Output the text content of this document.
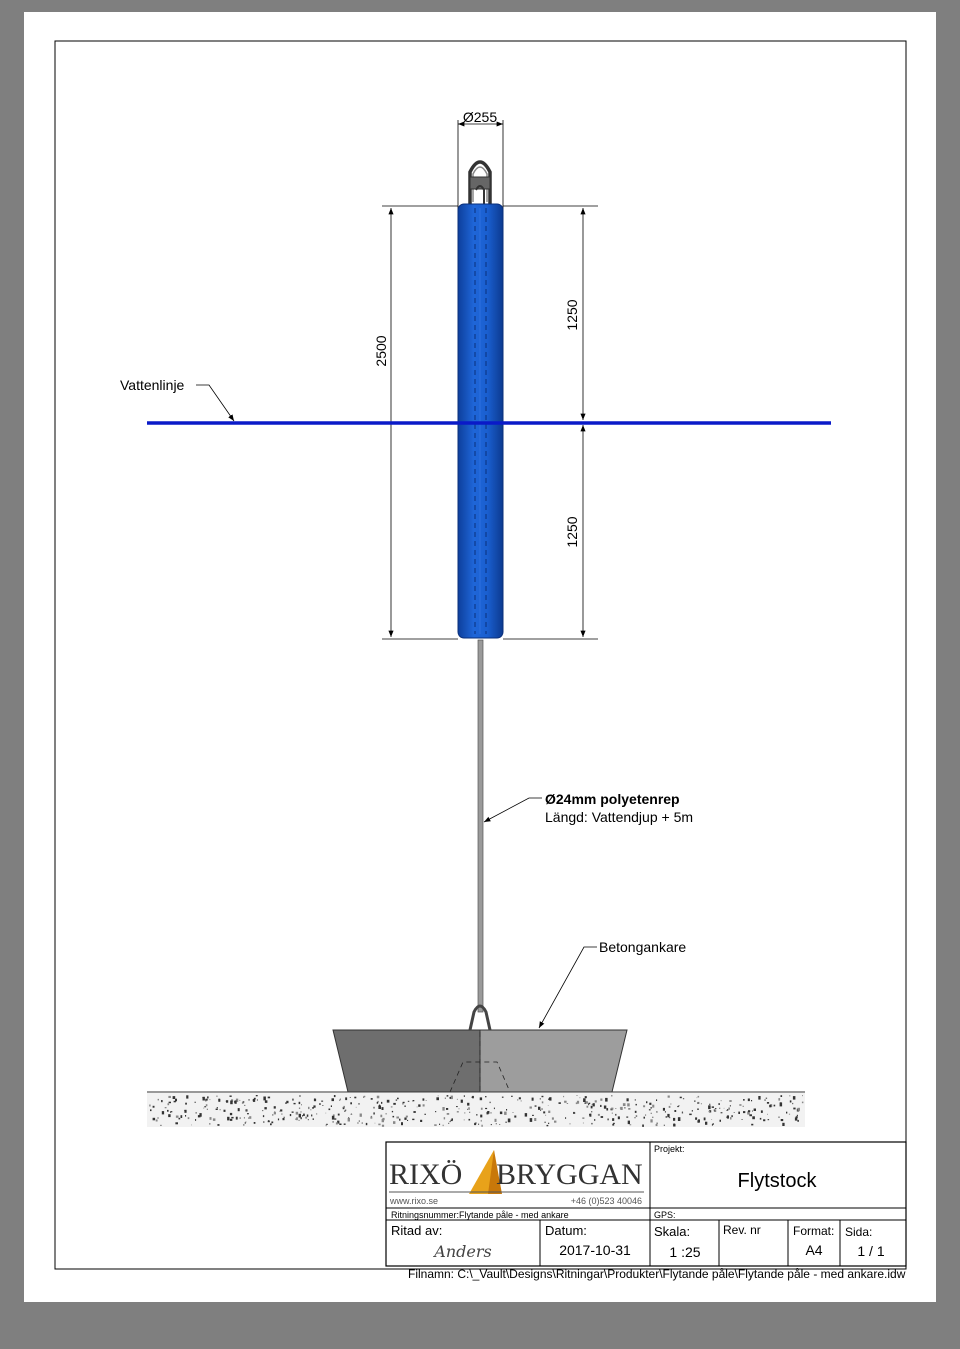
Ø255
2500
1250
1250
Vattenlinje
Ø24mm polyetenrep
Längd: Vattendjup + 5m
Betongankare
RIXÖ BRYGGAN
www.rixo.se	+46 (0)523 40046
Ritningsnummer:Flytande påle - med ankare
Projekt:
Flytstock
GPS:
Ritad av:
Anders
Datum:
2017-10-31
Skala:
1 :25
Rev. nr	Format:
A4
Sida:
1 / 1
Filnamn: C:\_Vault\Designs\Ritningar\Produkter\Flytande påle\Flytande påle - med ankare.idw
